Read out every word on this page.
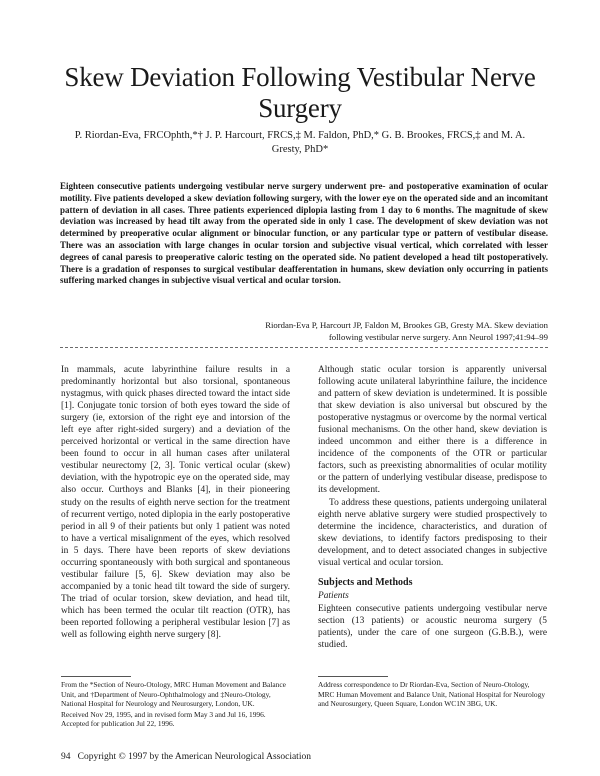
Skew Deviation Following Vestibular Nerve Surgery
P. Riordan-Eva, FRCOphth,*† J. P. Harcourt, FRCS,‡ M. Faldon, PhD,* G. B. Brookes, FRCS,‡ and M. A. Gresty, PhD*
Eighteen consecutive patients undergoing vestibular nerve surgery underwent pre- and postoperative examination of ocular motility. Five patients developed a skew deviation following surgery, with the lower eye on the operated side and an incomitant pattern of deviation in all cases. Three patients experienced diplopia lasting from 1 day to 6 months. The magnitude of skew deviation was increased by head tilt away from the operated side in only 1 case. The development of skew deviation was not determined by preoperative ocular alignment or binocular function, or any particular type or pattern of vestibular disease. There was an association with large changes in ocular torsion and subjective visual vertical, which correlated with lesser degrees of canal paresis to preoperative caloric testing on the operated side. No patient developed a head tilt postoperatively. There is a gradation of responses to surgical vestibular deafferentation in humans, skew deviation only occurring in patients suffering marked changes in subjective visual vertical and ocular torsion.
Riordan-Eva P, Harcourt JP, Faldon M, Brookes GB, Gresty MA. Skew deviation
following vestibular nerve surgery. Ann Neurol 1997;41:94–99

In mammals, acute labyrinthine failure results in a predominantly horizontal but also torsional, spontaneous nystagmus, with quick phases directed toward the intact side [1]. Conjugate tonic torsion of both eyes toward the side of surgery (ie, extorsion of the right eye and intorsion of the left eye after right-sided surgery) and a deviation of the perceived horizontal or vertical in the same direction have been found to occur in all human cases after unilateral vestibular neurectomy [2, 3]. Tonic vertical ocular (skew) deviation, with the hypotropic eye on the operated side, may also occur. Curthoys and Blanks [4], in their pioneering study on the results of eighth nerve section for the treatment of recurrent vertigo, noted diplopia in the early postoperative period in all 9 of their patients but only 1 patient was noted to have a vertical misalignment of the eyes, which resolved in 5 days. There have been reports of skew deviations occurring spontaneously with both surgical and spontaneous vestibular failure [5, 6]. Skew deviation may also be accompanied by a tonic head tilt toward the side of surgery. The triad of ocular torsion, skew deviation, and head tilt, which has been termed the ocular tilt reaction (OTR), has been reported following a peripheral vestibular lesion [7] as well as following eighth nerve surgery [8].

Although static ocular torsion is apparently universal following acute unilateral labyrinthine failure, the incidence and pattern of skew deviation is undetermined. It is possible that skew deviation is also universal but obscured by the postoperative nystagmus or overcome by the normal vertical fusional mechanisms. On the other hand, skew deviation is indeed uncommon and either there is a difference in incidence of the components of the OTR or particular factors, such as preexisting abnormalities of ocular motility or the pattern of underlying vestibular disease, predispose to its development.

To address these questions, patients undergoing unilateral eighth nerve ablative surgery were studied prospectively to determine the incidence, characteristics, and duration of skew deviations, to identify factors predisposing to their development, and to detect associated changes in subjective visual vertical and ocular torsion.

Subjects and Methods
Patients
Eighteen consecutive patients undergoing vestibular nerve section (13 patients) or acoustic neuroma surgery (5 patients), under the care of one surgeon (G.B.B.), were studied.

From the *Section of Neuro-Otology, MRC Human Movement and Balance Unit, and †Department of Neuro-Ophthalmology and ‡Neuro-Otology, National Hospital for Neurology and Neurosurgery, London, UK.

Received Nov 29, 1995, and in revised form May 3 and Jul 16, 1996. Accepted for publication Jul 22, 1996.

Address correspondence to Dr Riordan-Eva, Section of Neuro-Otology, MRC Human Movement and Balance Unit, National Hospital for Neurology and Neurosurgery, Queen Square, London WC1N 3BG, UK.
94   Copyright © 1997 by the American Neurological Association
